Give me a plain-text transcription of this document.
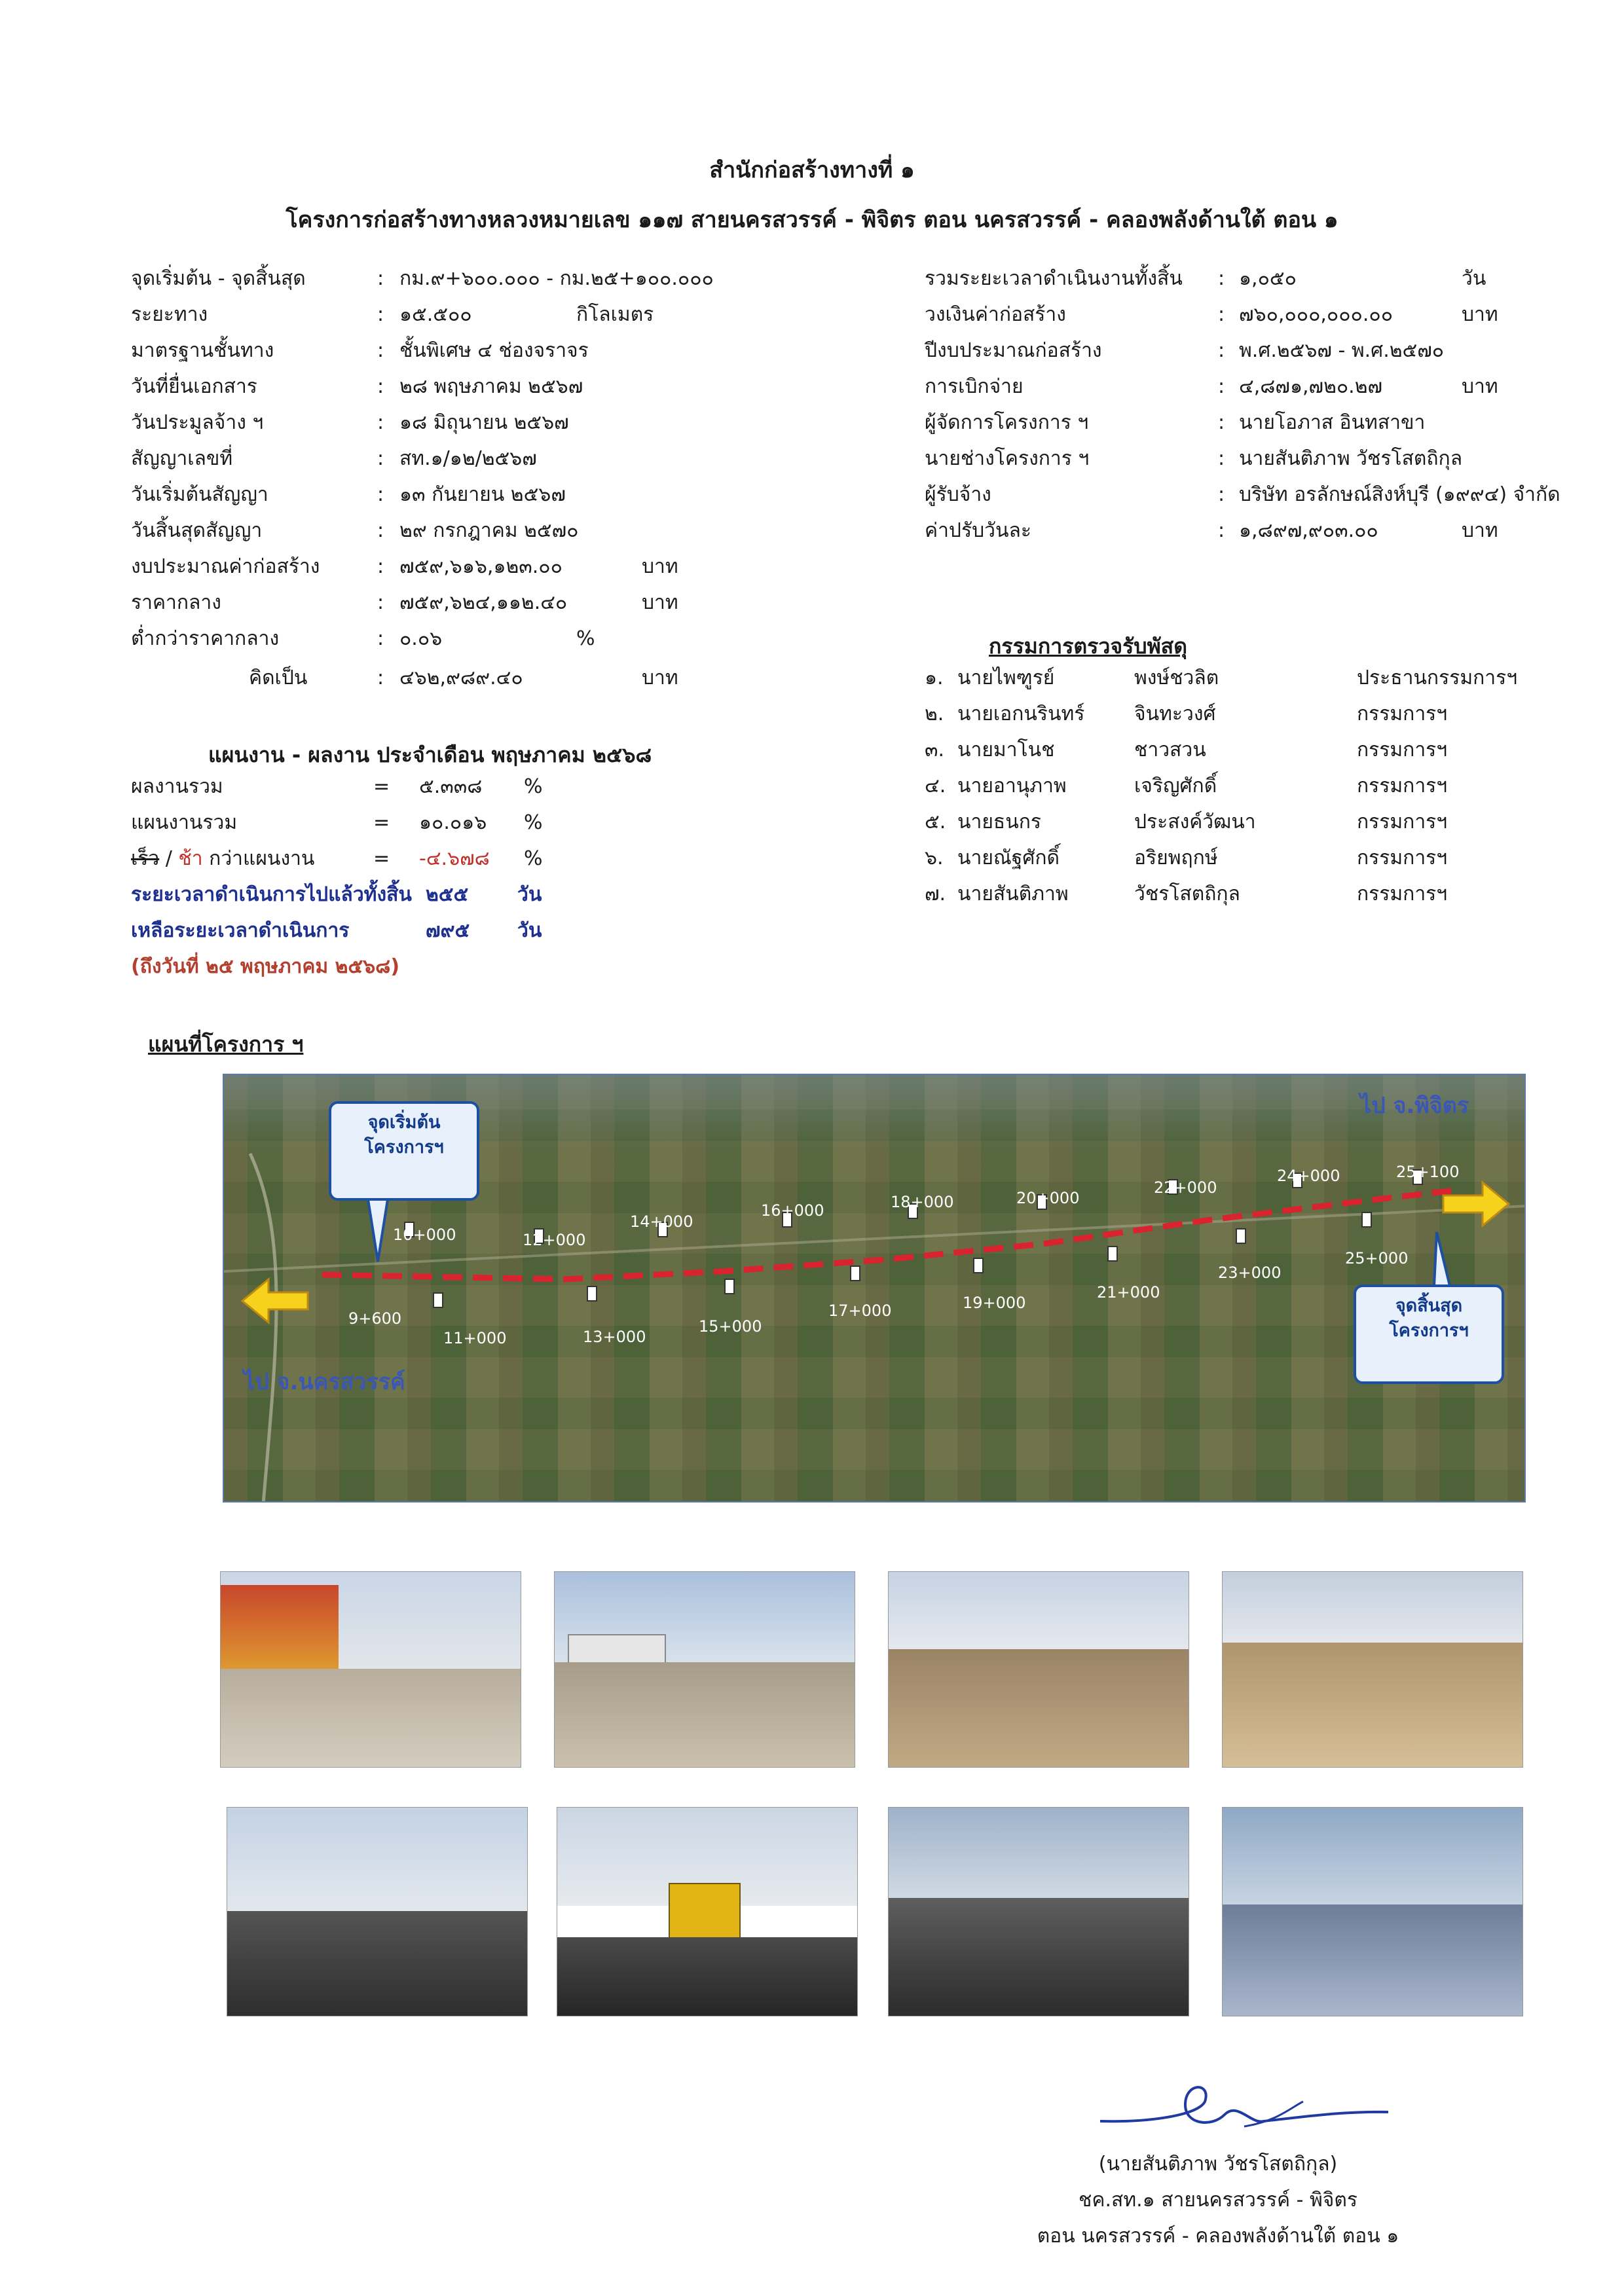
สำนักก่อสร้างทางที่ ๑
โครงการก่อสร้างทางหลวงหมายเลข ๑๑๗ สายนครสวรรค์ - พิจิตร ตอน นครสวรรค์ - คลองพลังด้านใต้ ตอน ๑
จุดเริ่มต้น - จุดสิ้นสุด	: กม.๙+๖๐๐.๐๐๐ - กม.๒๕+๑๐๐.๐๐๐
ระยะทาง	: ๑๕.๕๐๐	กิโลเมตร
มาตรฐานชั้นทาง	: ชั้นพิเศษ ๔ ช่องจราจร
วันที่ยื่นเอกสาร	: ๒๘ พฤษภาคม ๒๕๖๗
วันประมูลจ้าง ฯ	: ๑๘ มิถุนายน ๒๕๖๗
สัญญาเลขที่	: สท.๑/๑๒/๒๕๖๗
วันเริ่มต้นสัญญา	: ๑๓ กันยายน ๒๕๖๗
วันสิ้นสุดสัญญา	: ๒๙ กรกฎาคม ๒๕๗๐
งบประมาณค่าก่อสร้าง	: ๗๕๙,๖๑๖,๑๒๓.๐๐	บาท
ราคากลาง	: ๗๕๙,๖๒๔,๑๑๒.๔๐	บาท
ต่ำกว่าราคากลาง	: ๐.๐๖	%
คิดเป็น	: ๔๖๒,๙๘๙.๔๐	บาท
รวมระยะเวลาดำเนินงานทั้งสิ้น : ๑,๐๕๐	วัน
วงเงินค่าก่อสร้าง	: ๗๖๐,๐๐๐,๐๐๐.๐๐	บาท
ปีงบประมาณก่อสร้าง	: พ.ศ.๒๕๖๗ - พ.ศ.๒๕๗๐
การเบิกจ่าย	: ๔,๘๗๑,๗๒๐.๒๗	บาท
ผู้จัดการโครงการ ฯ	: นายโอภาส อินทสาขา
นายช่างโครงการ ฯ	: นายสันติภาพ วัชรโสตถิกุล
ผู้รับจ้าง	: บริษัท อรลักษณ์สิงห์บุรี (๑๙๙๔) จำกัด
ค่าปรับวันละ	: ๑,๘๙๗,๙๐๓.๐๐	บาท
แผนงาน - ผลงาน ประจำเดือน พฤษภาคม ๒๕๖๘
ผลงานรวม	= ๕.๓๓๘ %
แผนงานรวม	= ๑๐.๐๑๖ %
เร็ว / ช้า กว่าแผนงาน	= -๔.๖๗๘ %
ระยะเวลาดำเนินการไปแล้วทั้งสิ้น ๒๕๕ วัน
เหลือระยะเวลาดำเนินการ	๗๙๕ วัน
(ถึงวันที่ ๒๕ พฤษภาคม ๒๕๖๘)
กรรมการตรวจรับพัสดุ
๑. นายไพฑูรย์	พงษ์ชวลิต	ประธานกรรมการฯ
๒. นายเอกนรินทร์	จินทะวงศ์	กรรมการฯ
๓. นายมาโนช	ชาวสวน	กรรมการฯ
๔. นายอานุภาพ	เจริญศักดิ์	กรรมการฯ
๕. นายธนกร	ประสงค์วัฒนา	กรรมการฯ
๖. นายณัฐศักดิ์	อริยพฤกษ์	กรรมการฯ
๗. นายสันติภาพ	วัชรโสตถิกุล	กรรมการฯ
แผนที่โครงการ ฯ
10+000	12+000
14+000
16+000	18+000	20+000
22+000
24+000	25+100
9+600
11+000	13+000
15+000
17+000	19+000
21+000
23+000
25+000
ไป จ.นครสวรรค์
ไป จ.พิจิตร
จุดเริ่มต้น
โครงการฯ
จุดสิ้นสุด
โครงการฯ
(นายสันติภาพ วัชรโสตถิกุล)
ชค.สท.๑ สายนครสวรรค์ - พิจิตร
ตอน นครสวรรค์ - คลองพลังด้านใต้ ตอน ๑
